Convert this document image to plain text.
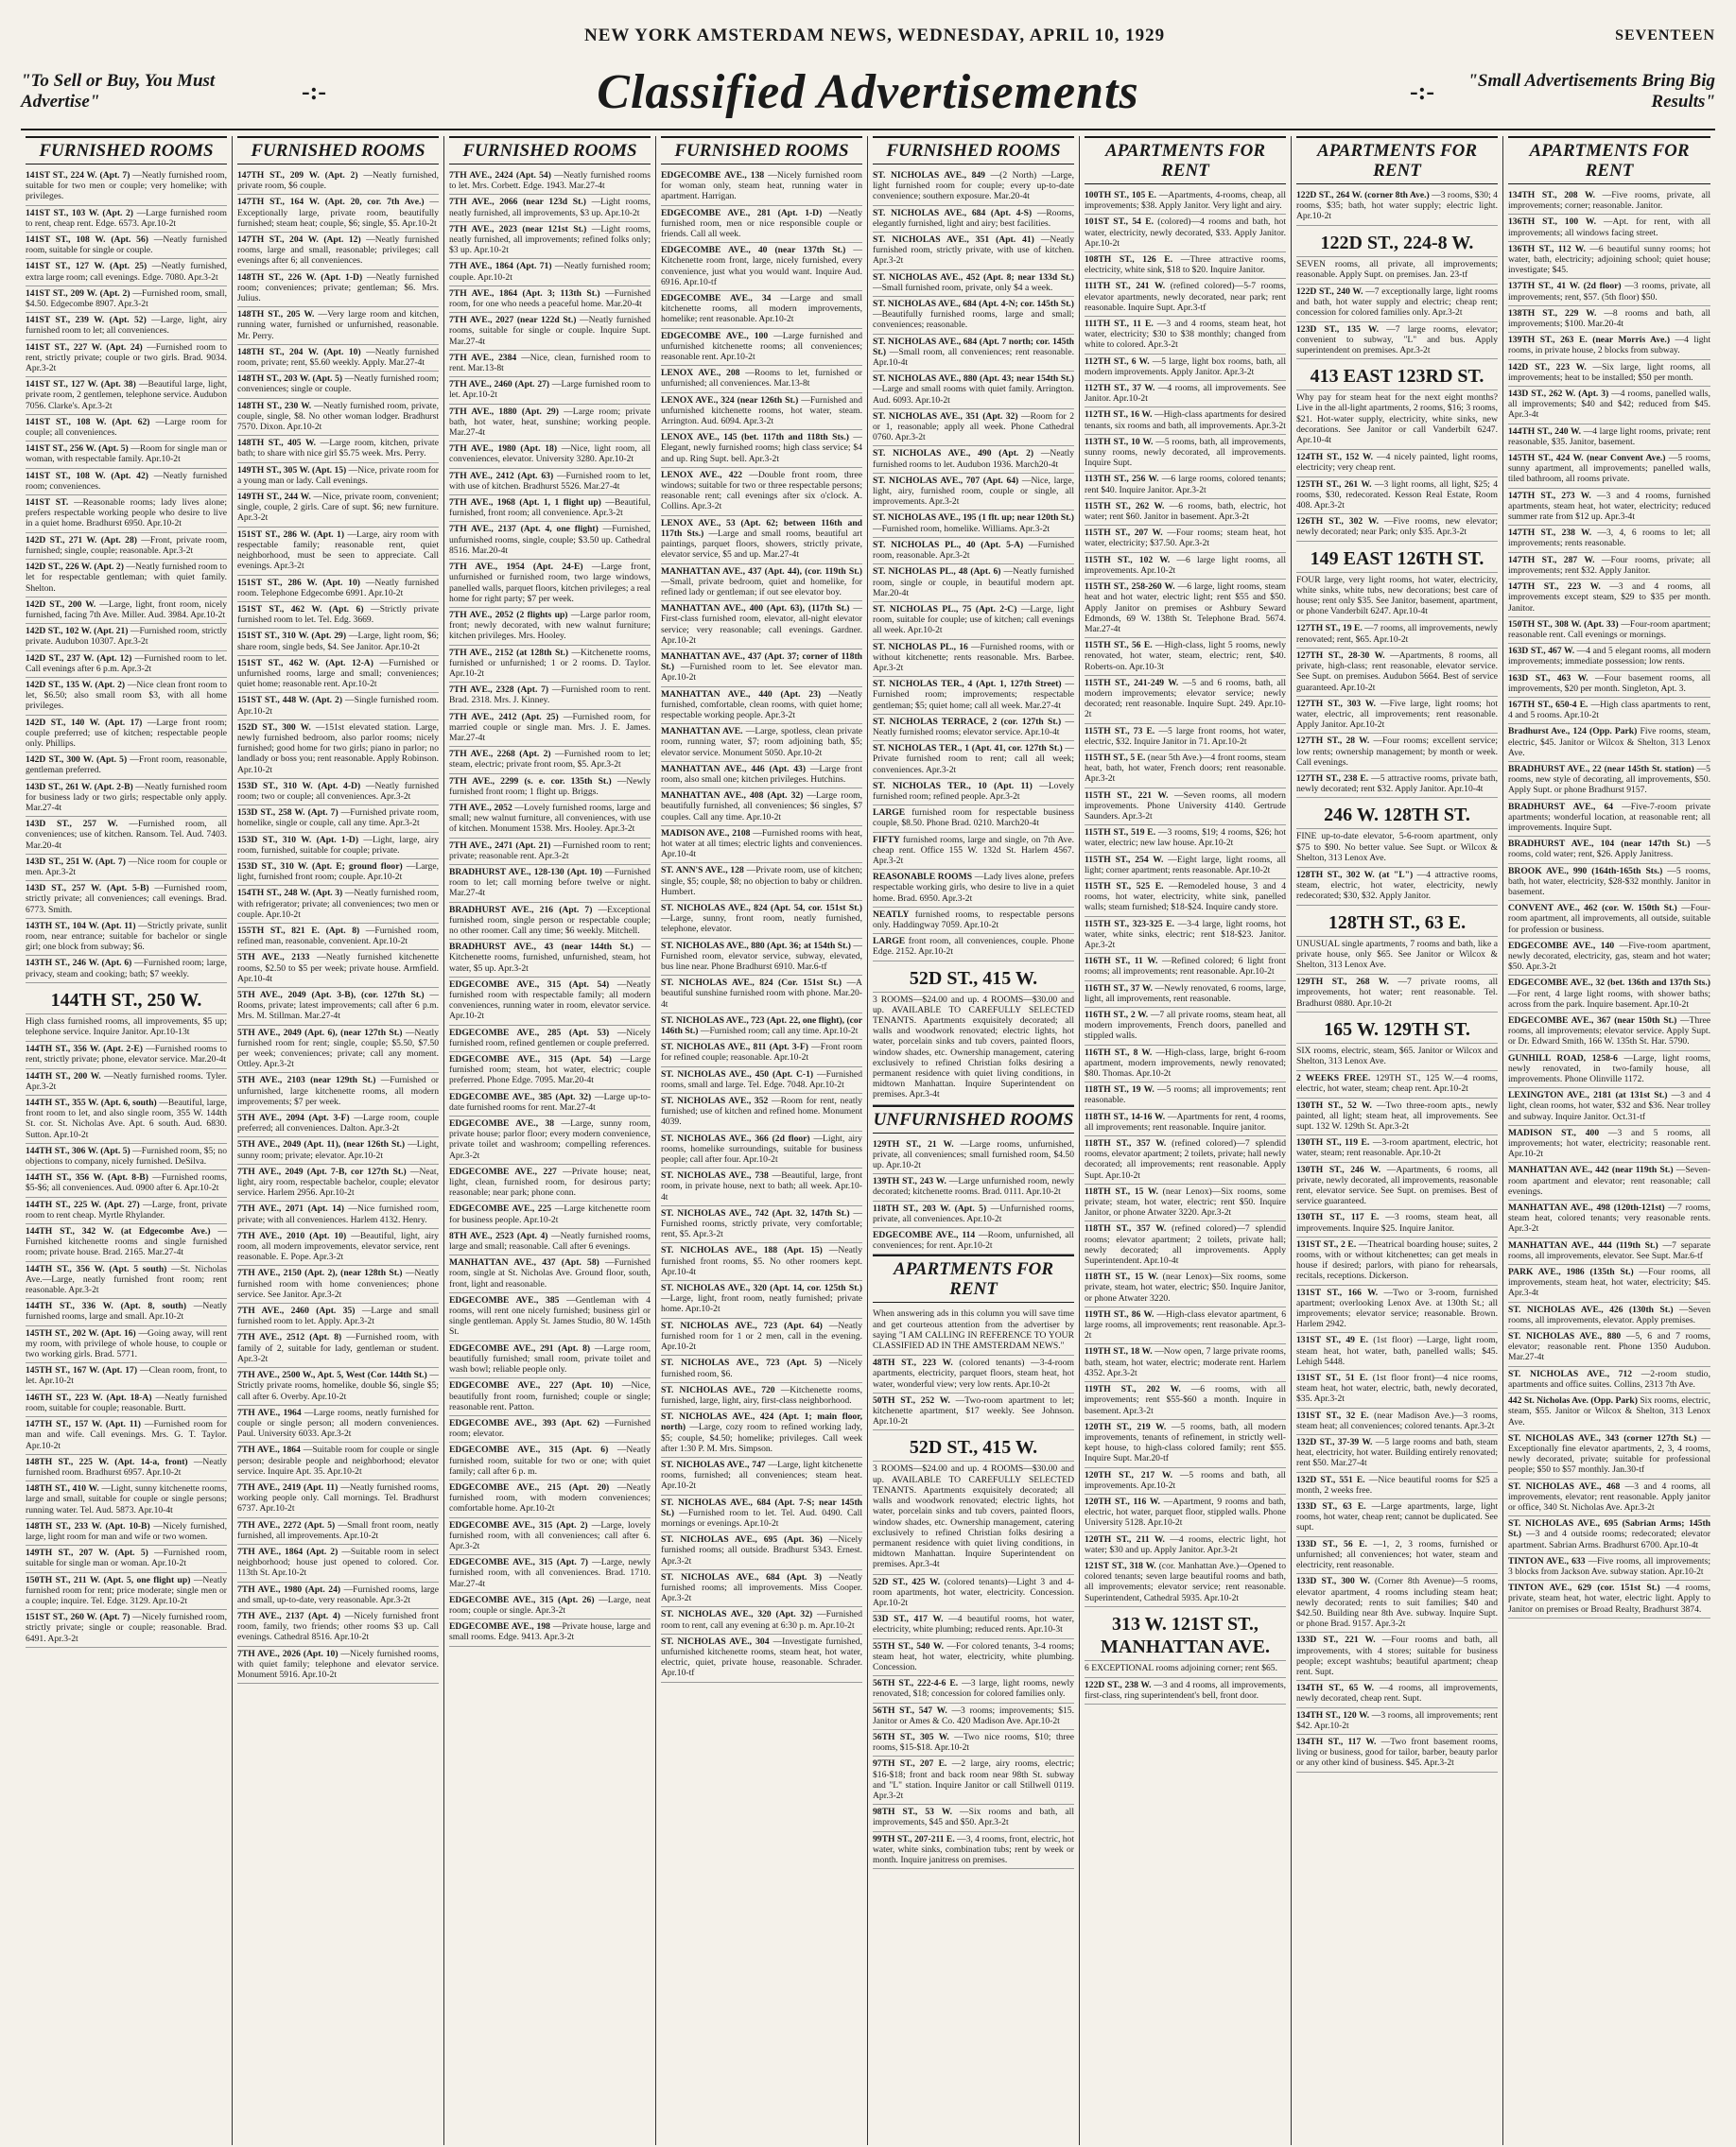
NEW YORK AMSTERDAM NEWS, WEDNESDAY, APRIL 10, 1929	SEVENTEEN
"To Sell or Buy, You Must Advertise"	-:-	Classified Advertisements	-:-	"Small Advertisements Bring Big Results"
FURNISHED ROOMS
141ST ST., 224 W. (Apt. 7) —Neatly furnished room, suitable for two men or couple; very homelike; with privileges.
141ST ST., 103 W. (Apt. 2) —Large furnished room to rent, cheap rent. Edge. 6573. Apr.10-2t
141ST ST., 108 W. (Apt. 56) —Neatly furnished room, suitable for single or couple.
141ST ST., 127 W. (Apt. 25) —Neatly furnished, extra large room; call evenings. Edge. 7080. Apr.3-2t
141ST ST., 209 W. (Apt. 2) —Furnished room, small, $4.50. Edgecombe 8907. Apr.3-2t
141ST ST., 239 W. (Apt. 52) —Large, light, airy furnished room to let; all conveniences.
141ST ST., 227 W. (Apt. 24) —Furnished room to rent, strictly private; couple or two girls. Brad. 9034. Apr.3-2t
141ST ST., 127 W. (Apt. 38) —Beautiful large, light, private room, 2 gentlemen, telephone service. Audubon 7056. Clarke's. Apr.3-2t
141ST ST., 108 W. (Apt. 62) —Large room for couple; all conveniences.
141ST ST., 256 W. (Apt. 5) —Room for single man or woman, with respectable family. Apr.10-2t
141ST ST., 108 W. (Apt. 42) —Neatly furnished room; conveniences.
141ST ST. —Reasonable rooms; lady lives alone; prefers respectable working people who desire to live in a quiet home. Bradhurst 6950. Apr.10-2t
142D ST., 271 W. (Apt. 28) —Front, private room, furnished; single, couple; reasonable. Apr.3-2t
142D ST., 226 W. (Apt. 2) —Neatly furnished room to let for respectable gentleman; with quiet family. Shelton.
142D ST., 200 W. —Large, light, front room, nicely furnished, facing 7th Ave. Miller. Aud. 3984. Apr.10-2t
142D ST., 102 W. (Apt. 21) —Furnished room, strictly private. Audubon 10307. Apr.3-2t
142D ST., 237 W. (Apt. 12) —Furnished room to let. Call evenings after 6 p.m. Apr.3-2t
142D ST., 135 W. (Apt. 2) —Nice clean front room to let, $6.50; also small room $3, with all home privileges.
142D ST., 140 W. (Apt. 17) —Large front room; couple preferred; use of kitchen; respectable people only. Phillips.
142D ST., 300 W. (Apt. 5) —Front room, reasonable, gentleman preferred.
143D ST., 261 W. (Apt. 2-B) —Neatly furnished room for business lady or two girls; respectable only apply. Mar.27-4t
143D ST., 257 W. —Furnished room, all conveniences; use of kitchen. Ransom. Tel. Aud. 7403. Mar.20-4t
143D ST., 251 W. (Apt. 7) —Nice room for couple or men. Apr.3-2t
143D ST., 257 W. (Apt. 5-B) —Furnished room, strictly private; all conveniences; call evenings. Brad. 6773. Smith.
143TH ST., 104 W. (Apt. 11) —Strictly private, sunlit room, near entrance; suitable for bachelor or single girl; one block from subway; $6.
143TH ST., 246 W. (Apt. 6) —Furnished room; large, privacy, steam and cooking; bath; $7 weekly.
144TH ST., 250 W.
High class furnished rooms, all improvements, $5 up; telephone service. Inquire Janitor. Apr.10-13t
144TH ST., 356 W. (Apt. 2-E) —Furnished rooms to rent, strictly private; phone, elevator service. Mar.20-4t
144TH ST., 200 W. —Neatly furnished rooms. Tyler. Apr.3-2t
144TH ST., 355 W. (Apt. 6, south) —Beautiful, large, front room to let, and also single room, 355 W. 144th St. cor. St. Nicholas Ave. Apt. 6 south. Aud. 6830. Sutton. Apr.10-2t
144TH ST., 306 W. (Apt. 5) —Furnished room, $5; no objections to company, nicely furnished. DeSilva.
144TH ST., 356 W. (Apt. 8-B) —Furnished rooms, $5-$6; all conveniences. Aud. 0900 after 6. Apr.10-2t
144TH ST., 225 W. (Apt. 27) —Large, front, private room to rent cheap. Myrtle Rhylander.
144TH ST., 342 W. (at Edgecombe Ave.) —Furnished kitchenette rooms and single furnished room; private house. Brad. 2165. Mar.27-4t
144TH ST., 356 W. (Apt. 5 south) —St. Nicholas Ave.—Large, neatly furnished front room; rent reasonable. Apr.3-2t
144TH ST., 336 W. (Apt. 8, south) —Neatly furnished rooms, large and small. Apr.10-2t
145TH ST., 202 W. (Apt. 16) —Going away, will rent my room, with privilege of whole house, to couple or two working girls. Brad. 5771.
145TH ST., 167 W. (Apt. 17) —Clean room, front, to let. Apr.10-2t
146TH ST., 223 W. (Apt. 18-A) —Neatly furnished room, suitable for couple; reasonable. Burtt.
147TH ST., 157 W. (Apt. 11) —Furnished room for man and wife. Call evenings. Mrs. G. T. Taylor. Apr.10-2t
148TH ST., 225 W. (Apt. 14-a, front) —Neatly furnished room. Bradhurst 6957. Apr.10-2t
148TH ST., 410 W. —Light, sunny kitchenette rooms, large and small, suitable for couple or single persons; running water. Tel. Aud. 5873. Apr.10-4t
148TH ST., 233 W. (Apt. 10-B) —Nicely furnished, large, light room for man and wife or two women.
149TH ST., 207 W. (Apt. 5) —Furnished room, suitable for single man or woman. Apr.10-2t
150TH ST., 211 W. (Apt. 5, one flight up) —Neatly furnished room for rent; price moderate; single men or a couple; inquire. Tel. Edge. 3129. Apr.10-2t
151ST ST., 260 W. (Apt. 7) —Nicely furnished room, strictly private; single or couple; reasonable. Brad. 6491. Apr.3-2t
FURNISHED ROOMS
147TH ST., 209 W. (Apt. 2) —Neatly furnished, private room, $6 couple.
147TH ST., 164 W. (Apt. 20, cor. 7th Ave.) —Exceptionally large, private room, beautifully furnished; steam heat; couple, $6; single, $5. Apr.10-2t
147TH ST., 204 W. (Apt. 12) —Neatly furnished rooms, large and small, reasonable; privileges; call evenings after 6; all conveniences.
148TH ST., 226 W. (Apt. 1-D) —Neatly furnished room; conveniences; private; gentleman; $6. Mrs. Julius.
148TH ST., 205 W. —Very large room and kitchen, running water, furnished or unfurnished, reasonable. Mr. Perry.
148TH ST., 204 W. (Apt. 10) —Neatly furnished room, private; rent, $5.60 weekly. Apply. Mar.27-4t
148TH ST., 203 W. (Apt. 5) —Neatly furnished room; conveniences; single or couple.
148TH ST., 230 W. —Neatly furnished room, private, couple, single, $8. No other woman lodger. Bradhurst 7570. Dixon. Apr.10-2t
148TH ST., 405 W. —Large room, kitchen, private bath; to share with nice girl $5.75 week. Mrs. Perry.
149TH ST., 305 W. (Apt. 15) —Nice, private room for a young man or lady. Call evenings.
149TH ST., 244 W. —Nice, private room, convenient; single, couple, 2 girls. Care of supt. $6; new furniture. Apr.3-2t
151ST ST., 286 W. (Apt. 1) —Large, airy room with respectable family; reasonable rent, quiet neighborhood, must be seen to appreciate. Call evenings. Apr.3-2t
151ST ST., 286 W. (Apt. 10) —Neatly furnished room. Telephone Edgecombe 6991. Apr.10-2t
151ST ST., 462 W. (Apt. 6) —Strictly private furnished room to let. Tel. Edg. 3669.
151ST ST., 310 W. (Apt. 29) —Large, light room, $6; share room, single beds, $4. See Janitor. Apr.10-2t
151ST ST., 462 W. (Apt. 12-A) —Furnished or unfurnished rooms, large and small; conveniences; quiet home; reasonable rent. Apr.10-2t
151ST ST., 448 W. (Apt. 2) —Single furnished room. Apr.10-2t
152D ST., 300 W. —151st elevated station. Large, newly furnished bedroom, also parlor rooms; nicely furnished; good home for two girls; piano in parlor; no landlady or boss you; rent reasonable. Apply Robinson. Apr.10-2t
153D ST., 310 W. (Apt. 4-D) —Neatly furnished room; two or couple; all conveniences. Apr.3-2t
153D ST., 258 W. (Apt. 7) —Furnished private room, homelike, single or couple, call any time. Apr.3-2t
153D ST., 310 W. (Apt. 1-D) —Light, large, airy room, furnished, suitable for couple; private.
153D ST., 310 W. (Apt. E; ground floor) —Large, light, furnished front room; couple. Apr.10-2t
154TH ST., 248 W. (Apt. 3) —Neatly furnished room, with refrigerator; private; all conveniences; two men or couple. Apr.10-2t
155TH ST., 821 E. (Apt. 8) —Furnished room, refined man, reasonable, convenient. Apr.10-2t
5TH AVE., 2133 —Neatly furnished kitchenette rooms, $2.50 to $5 per week; private house. Armfield. Apr.10-4t
5TH AVE., 2049 (Apt. 3-B), (cor. 127th St.) —Rooms, private; latest improvements; call after 6 p.m. Mrs. M. Stillman. Mar.27-4t
5TH AVE., 2049 (Apt. 6), (near 127th St.) —Neatly furnished room for rent; single, couple; $5.50, $7.50 per week; conveniences; private; call any moment. Ottley. Apr.3-2t
5TH AVE., 2103 (near 129th St.) —Furnished or unfurnished, large kitchenette rooms, all modern improvements; $7 per week.
5TH AVE., 2094 (Apt. 3-F) —Large room, couple preferred; all conveniences. Dalton. Apr.3-2t
5TH AVE., 2049 (Apt. 11), (near 126th St.) —Light, sunny room; private; elevator. Apr.10-2t
7TH AVE., 2049 (Apt. 7-B, cor 127th St.) —Neat, light, airy room, respectable bachelor, couple; elevator service. Harlem 2956. Apr.10-2t
7TH AVE., 2071 (Apt. 14) —Nice furnished room, private; with all conveniences. Harlem 4132. Henry.
7TH AVE., 2010 (Apt. 10) —Beautiful, light, airy room, all modern improvements, elevator service, rent reasonable. E. Pope. Apr.3-2t
7TH AVE., 2150 (Apt. 2), (near 128th St.) —Neatly furnished room with home conveniences; phone service. See Janitor. Apr.3-2t
7TH AVE., 2460 (Apt. 35) —Large and small furnished room to let. Apply. Apr.3-2t
7TH AVE., 2512 (Apt. 8) —Furnished room, with family of 2, suitable for lady, gentleman or student. Apr.3-2t
7TH AVE., 2500 W., Apt. 5, West (Cor. 144th St.) —Strictly private rooms, homelike, double $6, single $5; call after 6. Overby. Apr.10-2t
7TH AVE., 1964 —Large rooms, neatly furnished for couple or single person; all modern conveniences. Paul. University 6033. Apr.3-2t
7TH AVE., 1864 —Suitable room for couple or single person; desirable people and neighborhood; elevator service. Inquire Apt. 35. Apr.10-2t
7TH AVE., 2419 (Apt. 11) —Neatly furnished rooms, working people only. Call mornings. Tel. Bradhurst 6737. Apr.10-2t
7TH AVE., 2272 (Apt. 5) —Small front room, neatly furnished, all improvements. Apr.10-2t
7TH AVE., 1864 (Apt. 2) —Suitable room in select neighborhood; house just opened to colored. Cor. 113th St. Apr.10-2t
7TH AVE., 1980 (Apt. 24) —Furnished rooms, large and small, up-to-date, very reasonable. Apr.3-2t
7TH AVE., 2137 (Apt. 4) —Nicely furnished front room, family, two friends; other rooms $3 up. Call evenings. Cathedral 8516. Apr.10-2t
7TH AVE., 2026 (Apt. 10) —Nicely furnished rooms, with quiet family; telephone and elevator service. Monument 5916. Apr.10-2t
FURNISHED ROOMS
7TH AVE., 2424 (Apt. 54) —Neatly furnished rooms to let. Mrs. Corbett. Edge. 1943. Mar.27-4t
7TH AVE., 2066 (near 123d St.) —Light rooms, neatly furnished, all improvements, $3 up. Apr.10-2t
7TH AVE., 2023 (near 121st St.) —Light rooms, neatly furnished, all improvements; refined folks only; $3 up. Apr.10-2t
7TH AVE., 1864 (Apt. 71) —Neatly furnished room; couple. Apr.10-2t
7TH AVE., 1864 (Apt. 3; 113th St.) —Furnished room, for one who needs a peaceful home. Mar.20-4t
7TH AVE., 2027 (near 122d St.) —Neatly furnished rooms, suitable for single or couple. Inquire Supt. Mar.27-4t
7TH AVE., 2384 —Nice, clean, furnished room to rent. Mar.13-8t
7TH AVE., 2460 (Apt. 27) —Large furnished room to let. Apr.10-2t
7TH AVE., 1880 (Apt. 29) —Large room; private bath, hot water, heat, sunshine; working people. Mar.27-4t
7TH AVE., 1980 (Apt. 18) —Nice, light room, all conveniences, elevator. University 3280. Apr.10-2t
7TH AVE., 2412 (Apt. 63) —Furnished room to let, with use of kitchen. Bradhurst 5526. Mar.27-4t
7TH AVE., 1968 (Apt. 1, 1 flight up) —Beautiful, furnished, front room; all convenience. Apr.3-2t
7TH AVE., 2137 (Apt. 4, one flight) —Furnished, unfurnished rooms, single, couple; $3.50 up. Cathedral 8516. Mar.20-4t
7TH AVE., 1954 (Apt. 24-E) —Large front, unfurnished or furnished room, two large windows, panelled walls, parquet floors, kitchen privileges; a real home for right party; $7 per week.
7TH AVE., 2052 (2 flights up) —Large parlor room, front; newly decorated, with new walnut furniture; kitchen privileges. Mrs. Hooley.
7TH AVE., 2152 (at 128th St.) —Kitchenette rooms, furnished or unfurnished; 1 or 2 rooms. D. Taylor. Apr.10-2t
7TH AVE., 2328 (Apt. 7) —Furnished room to rent. Brad. 2318. Mrs. J. Kinney.
7TH AVE., 2412 (Apt. 25) —Furnished room, for married couple or single man. Mrs. J. E. James. Mar.27-4t
7TH AVE., 2268 (Apt. 2) —Furnished room to let; steam, electric; private front room, $5. Apr.3-2t
7TH AVE., 2299 (s. e. cor. 135th St.) —Newly furnished front room; 1 flight up. Briggs.
7TH AVE., 2052 —Lovely furnished rooms, large and small; new walnut furniture, all conveniences, with use of kitchen. Monument 1538. Mrs. Hooley. Apr.3-2t
7TH AVE., 2471 (Apt. 21) —Furnished room to rent; private; reasonable rent. Apr.3-2t
BRADHURST AVE., 128-130 (Apt. 10) —Furnished room to let; call morning before twelve or night. Mar.27-4t
BRADHURST AVE., 216 (Apt. 7) —Exceptional furnished room, single person or respectable couple; no other roomer. Call any time; $6 weekly. Mitchell.
BRADHURST AVE., 43 (near 144th St.) —Kitchenette rooms, furnished, unfurnished, steam, hot water, $5 up. Apr.3-2t
EDGECOMBE AVE., 315 (Apt. 54) —Neatly furnished room with respectable family; all modern conveniences, running water in room, elevator service. Apr.10-2t
EDGECOMBE AVE., 285 (Apt. 53) —Nicely furnished room, refined gentlemen or couple preferred.
EDGECOMBE AVE., 315 (Apt. 54) —Large furnished room; steam, hot water, electric; couple preferred. Phone Edge. 7095. Mar.20-4t
EDGECOMBE AVE., 385 (Apt. 32) —Large up-to-date furnished rooms for rent. Mar.27-4t
EDGECOMBE AVE., 38 —Large, sunny room, private house; parlor floor; every modern convenience, private toilet and washroom; compelling references. Apr.3-2t
EDGECOMBE AVE., 227 —Private house; neat, light, clean, furnished room, for desirous party; reasonable; near park; phone conn.
EDGECOMBE AVE., 225 —Large kitchenette room for business people. Apr.10-2t
8TH AVE., 2523 (Apt. 4) —Neatly furnished rooms, large and small; reasonable. Call after 6 evenings.
MANHATTAN AVE., 437 (Apt. 58) —Furnished room, single at St. Nicholas Ave. Ground floor, south, front, light and reasonable.
EDGECOMBE AVE., 385 —Gentleman with 4 rooms, will rent one nicely furnished; business girl or single gentleman. Apply St. James Studio, 80 W. 145th St.
EDGECOMBE AVE., 291 (Apt. 8) —Large room, beautifully furnished; small room, private toilet and wash bowl; reliable people only.
EDGECOMBE AVE., 227 (Apt. 10) —Nice, beautifully front room, furnished; couple or single; reasonable rent. Patton.
EDGECOMBE AVE., 393 (Apt. 62) —Furnished room; elevator.
EDGECOMBE AVE., 315 (Apt. 6) —Neatly furnished room, suitable for two or one; with quiet family; call after 6 p. m.
EDGECOMBE AVE., 215 (Apt. 20) —Neatly furnished room, with modern conveniences; comfortable home. Apr.10-2t
EDGECOMBE AVE., 315 (Apt. 2) —Large, lovely furnished room, with all conveniences; call after 6. Apr.3-2t
EDGECOMBE AVE., 315 (Apt. 7) —Large, newly furnished room, with all conveniences. Brad. 1710. Mar.27-4t
EDGECOMBE AVE., 315 (Apt. 26) —Large, neat room; couple or single. Apr.3-2t
EDGECOMBE AVE., 198 —Private house, large and small rooms. Edge. 9413. Apr.3-2t
FURNISHED ROOMS
EDGECOMBE AVE., 138 —Nicely furnished room for woman only, steam heat, running water in apartment. Harrigan.
EDGECOMBE AVE., 281 (Apt. 1-D) —Neatly furnished room, men or nice responsible couple or friends. Call all week.
EDGECOMBE AVE., 40 (near 137th St.) —Kitchenette room front, large, nicely furnished, every convenience, just what you would want. Inquire Aud. 6916. Apr.10-tf
EDGECOMBE AVE., 34 —Large and small kitchenette rooms, all modern improvements, homelike; rent reasonable. Apr.10-2t
EDGECOMBE AVE., 100 —Large furnished and unfurnished kitchenette rooms; all conveniences; reasonable rent. Apr.10-2t
LENOX AVE., 208 —Rooms to let, furnished or unfurnished; all conveniences. Mar.13-8t
LENOX AVE., 324 (near 126th St.) —Furnished and unfurnished kitchenette rooms, hot water, steam. Arrington. Aud. 6094. Apr.3-2t
LENOX AVE., 145 (bet. 117th and 118th Sts.) —Elegant, newly furnished rooms; high class service; $4 and up. Ring Supt. bell. Apr.3-2t
LENOX AVE., 422 —Double front room, three windows; suitable for two or three respectable persons; reasonable rent; call evenings after six o'clock. A. Collins. Apr.3-2t
LENOX AVE., 53 (Apt. 62; between 116th and 117th Sts.) —Large and small rooms, beautiful art paintings, parquet floors, showers, strictly private, elevator service, $5 and up. Mar.27-4t
MANHATTAN AVE., 437 (Apt. 44), (cor. 119th St.) —Small, private bedroom, quiet and homelike, for refined lady or gentleman; if out see elevator boy.
MANHATTAN AVE., 400 (Apt. 63), (117th St.) —First-class furnished room, elevator, all-night elevator service; very reasonable; call evenings. Gardner. Apr.10-2t
MANHATTAN AVE., 437 (Apt. 37; corner of 118th St.) —Furnished room to let. See elevator man. Apr.10-2t
MANHATTAN AVE., 440 (Apt. 23) —Neatly furnished, comfortable, clean rooms, with quiet home; respectable working people. Apr.3-2t
MANHATTAN AVE. —Large, spotless, clean private room, running water, $7; room adjoining bath, $5; elevator service. Monument 5050. Apr.10-2t
MANHATTAN AVE., 446 (Apt. 43) —Large front room, also small one; kitchen privileges. Hutchins.
MANHATTAN AVE., 408 (Apt. 32) —Large room, beautifully furnished, all conveniences; $6 singles, $7 couples. Call any time. Apr.10-2t
MADISON AVE., 2108 —Furnished rooms with heat, hot water at all times; electric lights and conveniences. Apr.10-4t
ST. ANN'S AVE., 128 —Private room, use of kitchen; single, $5; couple, $8; no objection to baby or children. Humbert.
ST. NICHOLAS AVE., 824 (Apt. 54, cor. 151st St.) —Large, sunny, front room, neatly furnished, telephone, elevator.
ST. NICHOLAS AVE., 880 (Apt. 36; at 154th St.) —Furnished room, elevator service, subway, elevated, bus line near. Phone Bradhurst 6910. Mar.6-tf
ST. NICHOLAS AVE., 824 (Cor. 151st St.) —A beautiful sunshine furnished room with phone. Mar.20-4t
ST. NICHOLAS AVE., 723 (Apt. 22, one flight), (cor 146th St.) —Furnished room; call any time. Apr.10-2t
ST. NICHOLAS AVE., 811 (Apt. 3-F) —Front room for refined couple; reasonable. Apr.10-2t
ST. NICHOLAS AVE., 450 (Apt. C-1) —Furnished rooms, small and large. Tel. Edge. 7048. Apr.10-2t
ST. NICHOLAS AVE., 352 —Room for rent, neatly furnished; use of kitchen and refined home. Monument 4039.
ST. NICHOLAS AVE., 366 (2d floor) —Light, airy rooms, homelike surroundings, suitable for business people; call after four. Apr.10-2t
ST. NICHOLAS AVE., 738 —Beautiful, large, front room, in private house, next to bath; all week. Apr.10-4t
ST. NICHOLAS AVE., 742 (Apt. 32, 147th St.) —Furnished rooms, strictly private, very comfortable; rent, $5. Apr.3-2t
ST. NICHOLAS AVE., 188 (Apt. 15) —Neatly furnished front rooms, $5. No other roomers kept. Apr.10-4t
ST. NICHOLAS AVE., 320 (Apt. 14, cor. 125th St.) —Large, light, front room, neatly furnished; private home. Apr.10-2t
ST. NICHOLAS AVE., 723 (Apt. 64) —Neatly furnished room for 1 or 2 men, call in the evening. Apr.10-2t
ST. NICHOLAS AVE., 723 (Apt. 5) —Nicely furnished room, $6.
ST. NICHOLAS AVE., 720 —Kitchenette rooms, furnished, large, light, airy, first-class neighborhood.
ST. NICHOLAS AVE., 424 (Apt. 1; main floor, north) —Large, cozy room to refined working lady, $5; couple, $4.50; homelike; privileges. Call week after 1:30 P. M. Mrs. Simpson.
ST. NICHOLAS AVE., 747 —Large, light kitchenette rooms, furnished; all conveniences; steam heat. Apr.10-2t
ST. NICHOLAS AVE., 684 (Apt. 7-S; near 145th St.) —Furnished room to let. Tel. Aud. 0490. Call mornings or evenings. Apr.10-2t
ST. NICHOLAS AVE., 695 (Apt. 36) —Nicely furnished rooms; all outside. Bradhurst 5343. Ernest. Apr.3-2t
ST. NICHOLAS AVE., 684 (Apt. 3) —Neatly furnished rooms; all improvements. Miss Cooper. Apr.3-2t
ST. NICHOLAS AVE., 320 (Apt. 32) —Furnished room to rent, call any evening at 6:30 p. m. Apr.10-2t
ST. NICHOLAS AVE., 304 —Investigate furnished, unfurnished kitchenette rooms, steam heat, hot water, electric, quiet, private house, reasonable. Schrader. Apr.10-tf
FURNISHED ROOMS
ST. NICHOLAS AVE., 849 —(2 North) —Large, light furnished room for couple; every up-to-date convenience; southern exposure. Mar.20-4t
ST. NICHOLAS AVE., 684 (Apt. 4-S) —Rooms, elegantly furnished, light and airy; best facilities.
ST. NICHOLAS AVE., 351 (Apt. 41) —Neatly furnished room, strictly private, with use of kitchen. Apr.3-2t
ST. NICHOLAS AVE., 452 (Apt. 8; near 133d St.) —Small furnished room, private, only $4 a week.
ST. NICHOLAS AVE., 684 (Apt. 4-N; cor. 145th St.) —Beautifully furnished rooms, large and small; conveniences; reasonable.
ST. NICHOLAS AVE., 684 (Apt. 7 north; cor. 145th St.) —Small room, all conveniences; rent reasonable. Apr.10-4t
ST. NICHOLAS AVE., 880 (Apt. 43; near 154th St.) —Large and small rooms with quiet family. Arrington. Aud. 6093. Apr.10-2t
ST. NICHOLAS AVE., 351 (Apt. 32) —Room for 2 or 1, reasonable; apply all week. Phone Cathedral 0760. Apr.3-2t
ST. NICHOLAS AVE., 490 (Apt. 2) —Neatly furnished rooms to let. Audubon 1936. March20-4t
ST. NICHOLAS AVE., 707 (Apt. 64) —Nice, large, light, airy, furnished room, couple or single, all improvements. Apr.3-2t
ST. NICHOLAS AVE., 195 (1 flt. up; near 120th St.) —Furnished room, homelike. Williams. Apr.3-2t
ST. NICHOLAS PL., 40 (Apt. 5-A) —Furnished room, reasonable. Apr.3-2t
ST. NICHOLAS PL., 48 (Apt. 6) —Neatly furnished room, single or couple, in beautiful modern apt. Mar.20-4t
ST. NICHOLAS PL., 75 (Apt. 2-C) —Large, light room, suitable for couple; use of kitchen; call evenings all week. Apr.10-2t
ST. NICHOLAS PL., 16 —Furnished rooms, with or without kitchenette; rents reasonable. Mrs. Barbee. Apr.3-2t
ST. NICHOLAS TER., 4 (Apt. 1, 127th Street) —Furnished room; improvements; respectable gentleman; $5; quiet home; call all week. Mar.27-4t
ST. NICHOLAS TERRACE, 2 (cor. 127th St.) —Neatly furnished rooms; elevator service. Apr.10-4t
ST. NICHOLAS TER., 1 (Apt. 41, cor. 127th St.) —Private furnished room to rent; call all week; conveniences. Apr.3-2t
ST. NICHOLAS TER., 10 (Apt. 11) —Lovely furnished room; refined people. Apr.3-2t
LARGE furnished room for respectable business couple, $8.50. Phone Brad. 0210. March20-4t
FIFTY furnished rooms, large and single, on 7th Ave. cheap rent. Office 155 W. 132d St. Harlem 4567. Apr.3-2t
REASONABLE ROOMS —Lady lives alone, prefers respectable working girls, who desire to live in a quiet home. Brad. 6950. Apr.3-2t
NEATLY furnished rooms, to respectable persons only. Haddingway 7059. Apr.10-2t
LARGE front room, all conveniences, couple. Phone Edge. 2152. Apr.10-2t
52D ST., 415 W.
3 ROOMS—$24.00 and up. 4 ROOMS—$30.00 and up. AVAILABLE TO CAREFULLY SELECTED TENANTS. Apartments exquisitely decorated; all walls and woodwork renovated; electric lights, hot water, porcelain sinks and tub covers, painted floors, window shades, etc. Ownership management, catering exclusively to refined Christian folks desiring a permanent residence with quiet living conditions, in midtown Manhattan. Inquire Superintendent on premises. Apr.3-4t
UNFURNISHED ROOMS
129TH ST., 21 W. —Large rooms, unfurnished, private, all conveniences; small furnished room, $4.50 up. Apr.10-2t
139TH ST., 243 W. —Large unfurnished room, newly decorated; kitchenette rooms. Brad. 0111. Apr.10-2t
118TH ST., 203 W. (Apt. 5) —Unfurnished rooms, private, all conveniences. Apr.10-2t
EDGECOMBE AVE., 114 —Room, unfurnished, all conveniences; for rent. Apr.10-2t
APARTMENTS FOR RENT
When answering ads in this column you will save time and get courteous attention from the advertiser by saying "I AM CALLING IN REFERENCE TO YOUR CLASSIFIED AD IN THE AMSTERDAM NEWS."
48TH ST., 223 W. (colored tenants) —3-4-room apartments, electricity, parquet floors, steam heat, hot water, wonderful view; very low rents. Apr.10-2t
50TH ST., 252 W. —Two-room apartment to let; kitchenette apartment, $17 weekly. See Johnson. Apr.10-2t
52D ST., 415 W.
3 ROOMS—$24.00 and up. 4 ROOMS—$30.00 and up. AVAILABLE TO CAREFULLY SELECTED TENANTS. Apartments exquisitely decorated; all walls and woodwork renovated; electric lights, hot water, porcelain sinks and tub covers, painted floors, window shades, etc. Ownership management, catering exclusively to refined Christian folks desiring a permanent residence with quiet living conditions, in midtown Manhattan. Inquire Superintendent on premises. Apr.3-4t
52D ST., 425 W. (colored tenants)—Light 3 and 4-room apartments, hot water, electricity. Concession. Apr.10-2t
53D ST., 417 W. —4 beautiful rooms, hot water, electricity, white plumbing; reduced rents. Apr.10-3t
55TH ST., 540 W. —For colored tenants, 3-4 rooms; steam heat, hot water, electricity, white plumbing. Concession.
56TH ST., 222-4-6 E. —3 large, light rooms, newly renovated, $18; concession for colored families only.
56TH ST., 547 W. —3 rooms; improvements; $15. Janitor or Ames & Co. 420 Madison Ave. Apr.10-2t
56TH ST., 305 W. —Two nice rooms, $10; three rooms, $15-$18. Apr.10-2t
97TH ST., 207 E. —2 large, airy rooms, electric; $16-$18; front and back room near 98th St. subway and "L" station. Inquire Janitor or call Stillwell 0119. Apr.3-2t
98TH ST., 53 W. —Six rooms and bath, all improvements, $45 and $50. Apr.3-2t
99TH ST., 207-211 E. —3, 4 rooms, front, electric, hot water, white sinks, combination tubs; rent by week or month. Inquire janitress on premises.
APARTMENTS FOR RENT
100TH ST., 105 E. —Apartments, 4-rooms, cheap, all improvements; $38. Apply Janitor. Very light and airy.
101ST ST., 54 E. (colored)—4 rooms and bath, hot water, electricity, newly decorated, $33. Apply Janitor. Apr.10-2t
108TH ST., 126 E. —Three attractive rooms, electricity, white sink, $18 to $20. Inquire Janitor.
111TH ST., 241 W. (refined colored)—5-7 rooms, elevator apartments, newly decorated, near park; rent reasonable. Inquire Supt. Apr.3-tf
111TH ST., 11 E. —3 and 4 rooms, steam heat, hot water, electricity; $30 to $38 monthly; changed from white to colored. Apr.3-2t
112TH ST., 6 W. —5 large, light box rooms, bath, all modern improvements. Apply Janitor. Apr.3-2t
112TH ST., 37 W. —4 rooms, all improvements. See Janitor. Apr.10-2t
112TH ST., 16 W. —High-class apartments for desired tenants, six rooms and bath, all improvements. Apr.3-2t
113TH ST., 10 W. —5 rooms, bath, all improvements, sunny rooms, newly decorated, all improvements. Inquire Supt.
113TH ST., 256 W. —6 large rooms, colored tenants; rent $40. Inquire Janitor. Apr.3-2t
115TH ST., 262 W. —6 rooms, bath, electric, hot water; rent $60. Janitor in basement. Apr.3-2t
115TH ST., 207 W. —Four rooms; steam heat, hot water, electricity; $37.50. Apr.3-2t
115TH ST., 102 W. —6 large light rooms, all improvements. Apr.10-2t
115TH ST., 258-260 W. —6 large, light rooms, steam heat and hot water, electric light; rent $55 and $50. Apply Janitor on premises or Ashbury Seward Edmonds, 69 W. 138th St. Telephone Brad. 5674. Mar.27-4t
115TH ST., 56 E. —High-class, light 5 rooms, newly renovated, hot water, steam, electric; rent, $40. Roberts-on. Apr.10-3t
115TH ST., 241-249 W. —5 and 6 rooms, bath, all modern improvements; elevator service; newly decorated; rent reasonable. Inquire Supt. 249. Apr.10-2t
115TH ST., 73 E. —5 large front rooms, hot water, electric, $32. Inquire Janitor in 71. Apr.10-2t
115TH ST., 5 E. (near 5th Ave.)—4 front rooms, steam heat, bath, hot water, French doors; rent reasonable. Apr.3-2t
115TH ST., 221 W. —Seven rooms, all modern improvements. Phone University 4140. Gertrude Saunders. Apr.3-2t
115TH ST., 519 E. —3 rooms, $19; 4 rooms, $26; hot water, electric; new law house. Apr.10-2t
115TH ST., 254 W. —Eight large, light rooms, all light; corner apartment; rents reasonable. Apr.10-2t
115TH ST., 525 E. —Remodeled house, 3 and 4 rooms, hot water, electricity, white sink, panelled walls; steam furnished; $18-$24. Inquire candy store.
115TH ST., 323-325 E. —3-4 large, light rooms, hot water, white sinks, electric; rent $18-$23. Janitor. Apr.3-2t
116TH ST., 11 W. —Refined colored; 6 light front rooms; all improvements; rent reasonable. Apr.10-2t
116TH ST., 37 W. —Newly renovated, 6 rooms, large, light, all improvements, rent reasonable.
116TH ST., 2 W. —7 all private rooms, steam heat, all modern improvements, French doors, panelled and stippled walls.
116TH ST., 8 W. —High-class, large, bright 6-room apartment, modern improvements, newly renovated; $80. Thomas. Apr.10-2t
118TH ST., 19 W. —5 rooms; all improvements; rent reasonable.
118TH ST., 14-16 W. —Apartments for rent, 4 rooms, all improvements; rent reasonable. Inquire janitor.
118TH ST., 357 W. (refined colored)—7 splendid rooms, elevator apartment; 2 toilets, private; hall newly decorated; all improvements; rent reasonable. Apply Supt. Apr.10-2t
118TH ST., 15 W. (near Lenox)—Six rooms, some private; steam, hot water, electric; rent $50. Inquire Janitor, or phone Atwater 3220. Apr.3-2t
118TH ST., 357 W. (refined colored)—7 splendid rooms; elevator apartment; 2 toilets, private hall; newly decorated; all improvements. Apply Superintendent. Apr.10-4t
118TH ST., 15 W. (near Lenox)—Six rooms, some private, steam, hot water, electric; $50. Inquire Janitor, or phone Atwater 3220.
119TH ST., 86 W. —High-class elevator apartment, 6 large rooms, all improvements; rent reasonable. Apr.3-2t
119TH ST., 18 W. —Now open, 7 large private rooms, bath, steam, hot water, electric; moderate rent. Harlem 4352. Apr.3-2t
119TH ST., 202 W. —6 rooms, with all improvements; rent $55-$60 a month. Inquire in basement. Apr.3-2t
120TH ST., 219 W. —5 rooms, bath, all modern improvements, tenants of refinement, in strictly well-kept house, to high-class colored family; rent $55. Inquire Supt. Mar.20-tf
120TH ST., 217 W. —5 rooms and bath, all improvements. Apr.10-2t
120TH ST., 116 W. —Apartment, 9 rooms and bath, electric, hot water, parquet floor, stippled walls. Phone University 5128. Apr.10-2t
120TH ST., 211 W. —4 rooms, electric light, hot water; $30 and up. Apply Janitor. Apr.3-2t
121ST ST., 318 W. (cor. Manhattan Ave.)—Opened to colored tenants; seven large beautiful rooms and bath, all improvements; elevator service; rent reasonable. Superintendent, Cathedral 5935. Apr.10-2t
313 W. 121ST ST., MANHATTAN AVE.
6 EXCEPTIONAL rooms adjoining corner; rent $65.
122D ST., 238 W. —3 and 4 rooms, all improvements, first-class, ring superintendent's bell, front door.
APARTMENTS FOR RENT
122D ST., 264 W. (corner 8th Ave.) —3 rooms, $30; 4 rooms, $35; bath, hot water supply; electric light. Apr.10-2t
122D ST., 224-8 W.
SEVEN rooms, all private, all improvements; reasonable. Apply Supt. on premises. Jan. 23-tf
122D ST., 240 W. —7 exceptionally large, light rooms and bath, hot water supply and electric; cheap rent; concession for colored families only. Apr.3-2t
123D ST., 135 W. —7 large rooms, elevator; convenient to subway, "L" and bus. Apply superintendent on premises. Apr.3-2t
413 EAST 123RD ST.
Why pay for steam heat for the next eight months? Live in the all-light apartments, 2 rooms, $16; 3 rooms, $21. Hot-water supply, electricity, white sinks, new decorations. See Janitor or call Vanderbilt 6247. Apr.10-4t
124TH ST., 152 W. —4 nicely painted, light rooms, electricity; very cheap rent.
125TH ST., 261 W. —3 light rooms, all light, $25; 4 rooms, $30, redecorated. Kesson Real Estate, Room 408. Apr.3-2t
126TH ST., 302 W. —Five rooms, new elevator; newly decorated; near Park; only $35. Apr.3-2t
149 EAST 126TH ST.
FOUR large, very light rooms, hot water, electricity, white sinks, white tubs, new decorations; best care of house; rent only $35. See Janitor, basement, apartment, or phone Vanderbilt 6247. Apr.10-4t
127TH ST., 19 E. —7 rooms, all improvements, newly renovated; rent, $65. Apr.10-2t
127TH ST., 28-30 W. —Apartments, 8 rooms, all private, high-class; rent reasonable, elevator service. See Supt. on premises. Audubon 5664. Best of service guaranteed. Apr.10-2t
127TH ST., 303 W. —Five large, light rooms; hot water, electric, all improvements; rent reasonable. Apply Janitor. Apr.10-2t
127TH ST., 28 W. —Four rooms; excellent service; low rents; ownership management; by month or week. Call evenings.
127TH ST., 238 E. —5 attractive rooms, private bath, newly decorated; rent $32. Apply Janitor. Apr.10-4t
246 W. 128TH ST.
FINE up-to-date elevator, 5-6-room apartment, only $75 to $90. No better value. See Supt. or Wilcox & Shelton, 313 Lenox Ave.
128TH ST., 302 W. (at "L") —4 attractive rooms, steam, electric, hot water, electricity, newly redecorated; $30, $32. Apply Janitor.
128TH ST., 63 E.
UNUSUAL single apartments, 7 rooms and bath, like a private house, only $65. See Janitor or Wilcox & Shelton, 313 Lenox Ave.
129TH ST., 268 W. —7 private rooms, all improvements, hot water; rent reasonable. Tel. Bradhurst 0880. Apr.10-2t
165 W. 129TH ST.
SIX rooms, electric, steam, $65. Janitor or Wilcox and Shelton, 313 Lenox Ave.
2 WEEKS FREE. 129TH ST., 125 W.—4 rooms, electric, hot water, steam; cheap rent. Apr.10-2t
130TH ST., 52 W. —Two three-room apts., newly painted, all light; steam heat, all improvements. See supt. 132 W. 129th St. Apr.3-2t
130TH ST., 119 E. —3-room apartment, electric, hot water, steam; rent reasonable. Apr.10-2t
130TH ST., 246 W. —Apartments, 6 rooms, all private, newly decorated, all improvements, reasonable rent, elevator service. See Supt. on premises. Best of service guaranteed.
130TH ST., 117 E. —3 rooms, steam heat, all improvements. Inquire $25. Inquire Janitor.
131ST ST., 2 E. —Theatrical boarding house; suites, 2 rooms, with or without kitchenettes; can get meals in house if desired; parlors, with piano for rehearsals, recitals, receptions. Dickerson.
131ST ST., 166 W. —Two or 3-room, furnished apartment; overlooking Lenox Ave. at 130th St.; all improvements; elevator service; reasonable. Brown. Harlem 2942.
131ST ST., 49 E. (1st floor) —Large, light room, steam heat, hot water, bath, panelled walls; $45. Lehigh 5448.
131ST ST., 51 E. (1st floor front)—4 nice rooms, steam heat, hot water, electric, bath, newly decorated, $35. Apr.3-2t
131ST ST., 32 E. (near Madison Ave.)—3 rooms, steam heat; all conveniences; colored tenants. Apr.3-2t
132D ST., 37-39 W. —5 large rooms and bath, steam heat, electricity, hot water. Building entirely renovated; rent $50. Mar.27-4t
132D ST., 551 E. —Nice beautiful rooms for $25 a month, 2 weeks free.
133D ST., 63 E. —Large apartments, large, light rooms, hot water, cheap rent; cannot be duplicated. See supt.
133D ST., 56 E. —1, 2, 3 rooms, furnished or unfurnished; all conveniences; hot water, steam and electricity, rent reasonable.
133D ST., 300 W. (Corner 8th Avenue)—5 rooms, elevator apartment, 4 rooms including steam heat; newly decorated; rents to suit families; $40 and $42.50. Building near 8th Ave. subway. Inquire Supt. or phone Brad. 9157. Apr.3-2t
133D ST., 221 W. —Four rooms and bath, all improvements, with 4 stores; suitable for business people; except washtubs; beautiful apartment; cheap rent. Supt.
134TH ST., 65 W. —4 rooms, all improvements, newly decorated, cheap rent. Supt.
134TH ST., 120 W. —3 rooms, all improvements; rent $42. Apr.10-2t
134TH ST., 117 W. —Two front basement rooms, living or business, good for tailor, barber, beauty parlor or any other kind of business. $45. Apr.3-2t
APARTMENTS FOR RENT
134TH ST., 208 W. —Five rooms, private, all improvements; corner; reasonable. Janitor.
136TH ST., 100 W. —Apt. for rent, with all improvements; all windows facing street.
136TH ST., 112 W. —6 beautiful sunny rooms; hot water, bath, electricity; adjoining school; quiet house; investigate; $45.
137TH ST., 41 W. (2d floor) —3 rooms, private, all improvements; rent, $57. (5th floor) $50.
138TH ST., 229 W. —8 rooms and bath, all improvements; $100. Mar.20-4t
139TH ST., 263 E. (near Morris Ave.) —4 light rooms, in private house, 2 blocks from subway.
142D ST., 223 W. —Six large, light rooms, all improvements; heat to be installed; $50 per month.
143D ST., 262 W. (Apt. 3) —4 rooms, panelled walls, all improvements; $40 and $42; reduced from $45. Apr.3-4t
144TH ST., 240 W. —4 large light rooms, private; rent reasonable, $35. Janitor, basement.
145TH ST., 424 W. (near Convent Ave.) —5 rooms, sunny apartment, all improvements; panelled walls, tiled bathroom, all rooms private.
147TH ST., 273 W. —3 and 4 rooms, furnished apartments, steam heat, hot water, electricity; reduced summer rate from $12 up. Apr.3-4t
147TH ST., 238 W. —3, 4, 6 rooms to let; all improvements; rents reasonable.
147TH ST., 287 W. —Four rooms, private; all improvements; rent $32. Apply Janitor.
147TH ST., 223 W. —3 and 4 rooms, all improvements except steam, $29 to $35 per month. Janitor.
150TH ST., 308 W. (Apt. 33) —Four-room apartment; reasonable rent. Call evenings or mornings.
163D ST., 467 W. —4 and 5 elegant rooms, all modern improvements; immediate possession; low rents.
163D ST., 463 W. —Four basement rooms, all improvements, $20 per month. Singleton, Apt. 3.
167TH ST., 650-4 E. —High class apartments to rent, 4 and 5 rooms. Apr.10-2t
Bradhurst Ave., 124 (Opp. Park) Five rooms, steam, electric, $45. Janitor or Wilcox & Shelton, 313 Lenox Ave.
BRADHURST AVE., 22 (near 145th St. station) —5 rooms, new style of decorating, all improvements, $50. Apply Supt. or phone Bradhurst 9157.
BRADHURST AVE., 64 —Five-7-room private apartments; wonderful location, at reasonable rent; all improvements. Inquire Supt.
BRADHURST AVE., 104 (near 147th St.) —5 rooms, cold water; rent, $26. Apply Janitress.
BROOK AVE., 990 (164th-165th Sts.) —5 rooms, bath, hot water, electricity, $28-$32 monthly. Janitor in basement.
CONVENT AVE., 462 (cor. W. 150th St.) —Four-room apartment, all improvements, all outside, suitable for profession or business.
EDGECOMBE AVE., 140 —Five-room apartment, newly decorated, electricity, gas, steam and hot water; $50. Apr.3-2t
EDGECOMBE AVE., 32 (bet. 136th and 137th Sts.) —For rent, 4 large light rooms, with shower baths; across from the park. Inquire basement. Apr.10-2t
EDGECOMBE AVE., 367 (near 150th St.) —Three rooms, all improvements; elevator service. Apply Supt. or Dr. Edward Smith, 166 W. 135th St. Har. 5790.
GUNHILL ROAD, 1258-6 —Large, light rooms, newly renovated, in two-family house, all improvements. Phone Olinville 1172.
LEXINGTON AVE., 2181 (at 131st St.) —3 and 4 light, clean rooms, hot water, $32 and $36. Near trolley and subway. Inquire Janitor. Oct.31-tf
MADISON ST., 400 —3 and 5 rooms, all improvements; hot water, electricity; reasonable rent. Apr.10-2t
MANHATTAN AVE., 442 (near 119th St.) —Seven-room apartment and elevator; rent reasonable; call evenings.
MANHATTAN AVE., 498 (120th-121st) —7 rooms, steam heat, colored tenants; very reasonable rents. Apr.3-2t
MANHATTAN AVE., 444 (119th St.) —7 separate rooms, all improvements, elevator. See Supt. Mar.6-tf
PARK AVE., 1986 (135th St.) —Four rooms, all improvements, steam heat, hot water, electricity; $45. Apr.3-4t
ST. NICHOLAS AVE., 426 (130th St.) —Seven rooms, all improvements, elevator. Apply premises.
ST. NICHOLAS AVE., 880 —5, 6 and 7 rooms, elevator; reasonable rent. Phone 1350 Audubon. Mar.27-4t
ST. NICHOLAS AVE., 712 —2-room studio, apartments and office suites. Collins, 2313 7th Ave.
442 St. Nicholas Ave. (Opp. Park) Six rooms, electric, steam, $55. Janitor or Wilcox & Shelton, 313 Lenox Ave.
ST. NICHOLAS AVE., 343 (corner 127th St.) —Exceptionally fine elevator apartments, 2, 3, 4 rooms, newly decorated, private; suitable for professional people; $50 to $57 monthly. Jan.30-tf
ST. NICHOLAS AVE., 468 —3 and 4 rooms, all improvements, elevator; rent reasonable. Apply janitor or office, 340 St. Nicholas Ave. Apr.3-2t
ST. NICHOLAS AVE., 695 (Sabrian Arms; 145th St.) —3 and 4 outside rooms; redecorated; elevator apartment. Sabrian Arms. Bradhurst 6700. Apr.10-4t
TINTON AVE., 633 —Five rooms, all improvements; 3 blocks from Jackson Ave. subway station. Apr.10-2t
TINTON AVE., 629 (cor. 151st St.) —4 rooms, private, steam heat, hot water, electric light. Apply to Janitor on premises or Broad Realty, Bradhurst 3874.
